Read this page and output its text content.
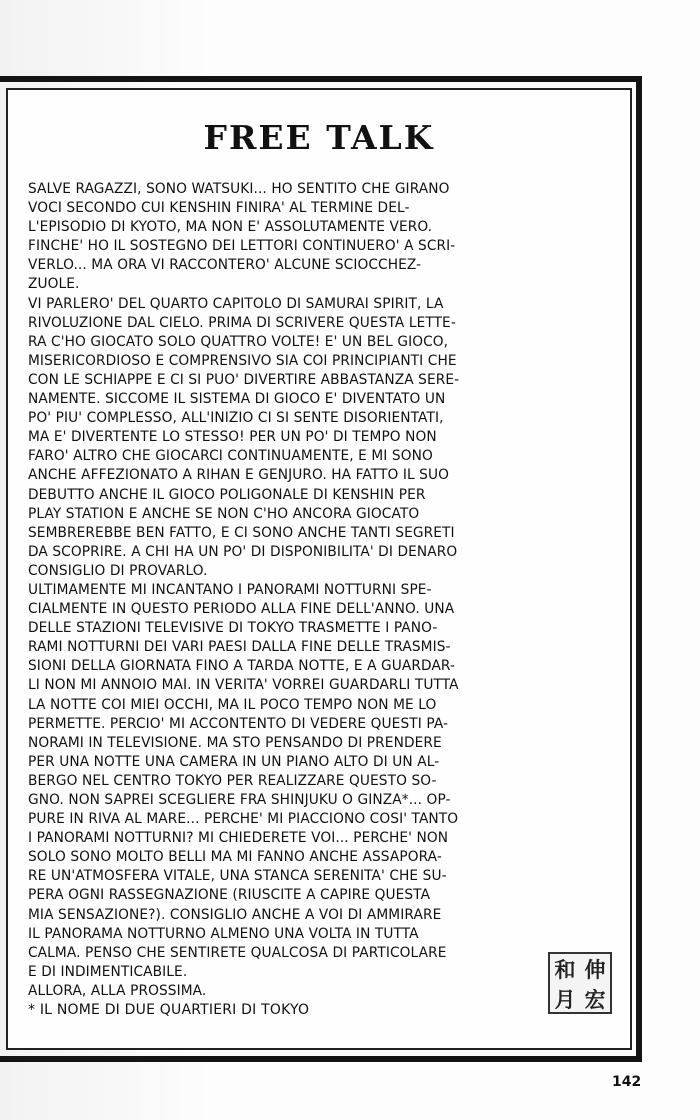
FREE TALK
SALVE RAGAZZI, SONO WATSUKI... HO SENTITO CHE GIRANO
VOCI SECONDO CUI KENSHIN FINIRA' AL TERMINE DEL-
L'EPISODIO DI KYOTO, MA NON E' ASSOLUTAMENTE VERO.
FINCHE' HO IL SOSTEGNO DEI LETTORI CONTINUERO' A SCRI-
VERLO... MA ORA VI RACCONTERO' ALCUNE SCIOCCHEZ-
ZUOLE.
VI PARLERO' DEL QUARTO CAPITOLO DI SAMURAI SPIRIT, LA
RIVOLUZIONE DAL CIELO. PRIMA DI SCRIVERE QUESTA LETTE-
RA C'HO GIOCATO SOLO QUATTRO VOLTE! E' UN BEL GIOCO,
MISERICORDIOSO E COMPRENSIVO SIA COI PRINCIPIANTI CHE
CON LE SCHIAPPE E CI SI PUO' DIVERTIRE ABBASTANZA SERE-
NAMENTE. SICCOME IL SISTEMA DI GIOCO E' DIVENTATO UN
PO' PIU' COMPLESSO, ALL'INIZIO CI SI SENTE DISORIENTATI,
MA E' DIVERTENTE LO STESSO! PER UN PO' DI TEMPO NON
FARO' ALTRO CHE GIOCARCI CONTINUAMENTE, E MI SONO
ANCHE AFFEZIONATO A RIHAN E GENJURO. HA FATTO IL SUO
DEBUTTO ANCHE IL GIOCO POLIGONALE DI KENSHIN PER
PLAY STATION E ANCHE SE NON C'HO ANCORA GIOCATO
SEMBREREBBE BEN FATTO, E CI SONO ANCHE TANTI SEGRETI
DA SCOPRIRE. A CHI HA UN PO' DI DISPONIBILITA' DI DENARO
CONSIGLIO DI PROVARLO.
ULTIMAMENTE MI INCANTANO I PANORAMI NOTTURNI SPE-
CIALMENTE IN QUESTO PERIODO ALLA FINE DELL'ANNO. UNA
DELLE STAZIONI TELEVISIVE DI TOKYO TRASMETTE I PANO-
RAMI NOTTURNI DEI VARI PAESI DALLA FINE DELLE TRASMIS-
SIONI DELLA GIORNATA FINO A TARDA NOTTE, E A GUARDAR-
LI NON MI ANNOIO MAI. IN VERITA' VORREI GUARDARLI TUTTA
LA NOTTE COI MIEI OCCHI, MA IL POCO TEMPO NON ME LO
PERMETTE. PERCIO' MI ACCONTENTO DI VEDERE QUESTI PA-
NORAMI IN TELEVISIONE. MA STO PENSANDO DI PRENDERE
PER UNA NOTTE UNA CAMERA IN UN PIANO ALTO DI UN AL-
BERGO NEL CENTRO TOKYO PER REALIZZARE QUESTO SO-
GNO. NON SAPREI SCEGLIERE FRA SHINJUKU O GINZA*... OP-
PURE IN RIVA AL MARE... PERCHE' MI PIACCIONO COSI' TANTO
I PANORAMI NOTTURNI? MI CHIEDERETE VOI... PERCHE' NON
SOLO SONO MOLTO BELLI MA MI FANNO ANCHE ASSAPORA-
RE UN'ATMOSFERA VITALE, UNA STANCA SERENITA' CHE SU-
PERA OGNI RASSEGNAZIONE (RIUSCITE A CAPIRE QUESTA
MIA SENSAZIONE?). CONSIGLIO ANCHE A VOI DI AMMIRARE
IL PANORAMA NOTTURNO ALMENO UNA VOLTA IN TUTTA
CALMA. PENSO CHE SENTIRETE QUALCOSA DI PARTICOLARE
E DI INDIMENTICABILE.
ALLORA, ALLA PROSSIMA.
和 伸
月 宏
* IL NOME DI DUE QUARTIERI DI TOKYO
142
